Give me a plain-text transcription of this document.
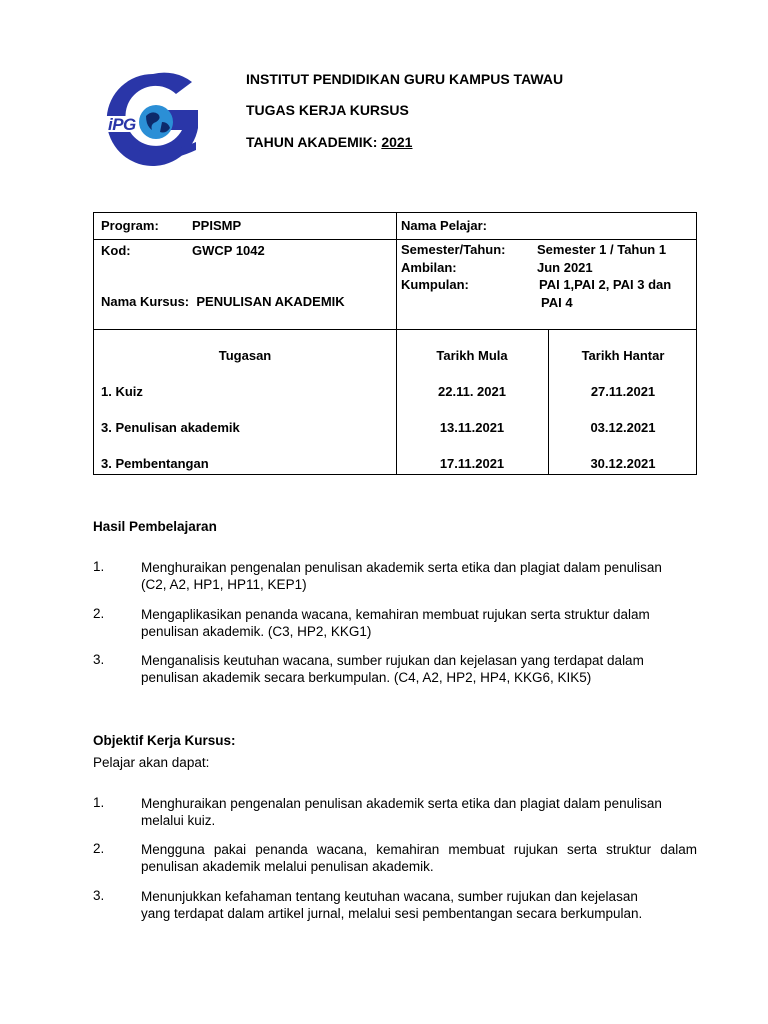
iPG
INSTITUT PENDIDIKAN GURU KAMPUS TAWAU
TUGAS KERJA KURSUS
TAHUN AKADEMIK: 2021
Program:	PPISMP
Kod:	GWCP 1042
Nama Kursus: PENULISAN AKADEMIK
Nama Pelajar:
Semester/Tahun: Semester 1 / Tahun 1
Ambilan:	Jun 2021
Kumpulan:	PAI 1,PAI 2, PAI 3 dan
PAI 4
Tugasan	Tarikh Mula	Tarikh Hantar
1. Kuiz	22.11. 2021	27.11.2021
3. Penulisan akademik	13.11.2021	03.12.2021
3. Pembentangan	17.11.2021	30.12.2021
Hasil Pembelajaran
1.	Menghuraikan pengenalan penulisan akademik serta etika dan plagiat dalam penulisan
(C2, A2, HP1, HP11, KEP1)
2.	Mengaplikasikan penanda wacana, kemahiran membuat rujukan serta struktur dalam
penulisan akademik. (C3, HP2, KKG1)
3.	Menganalisis keutuhan wacana, sumber rujukan dan kejelasan yang terdapat dalam
penulisan akademik secara berkumpulan. (C4, A2, HP2, HP4, KKG6, KIK5)
Objektif Kerja Kursus:
Pelajar akan dapat:
1.	Menghuraikan pengenalan penulisan akademik serta etika dan plagiat dalam penulisan
melalui kuiz.
2.	Mengguna pakai penanda wacana, kemahiran membuat rujukan serta struktur dalam
penulisan akademik melalui penulisan akademik.
3.	Menunjukkan kefahaman tentang keutuhan wacana, sumber rujukan dan kejelasan
yang terdapat dalam artikel jurnal, melalui sesi pembentangan secara berkumpulan.
